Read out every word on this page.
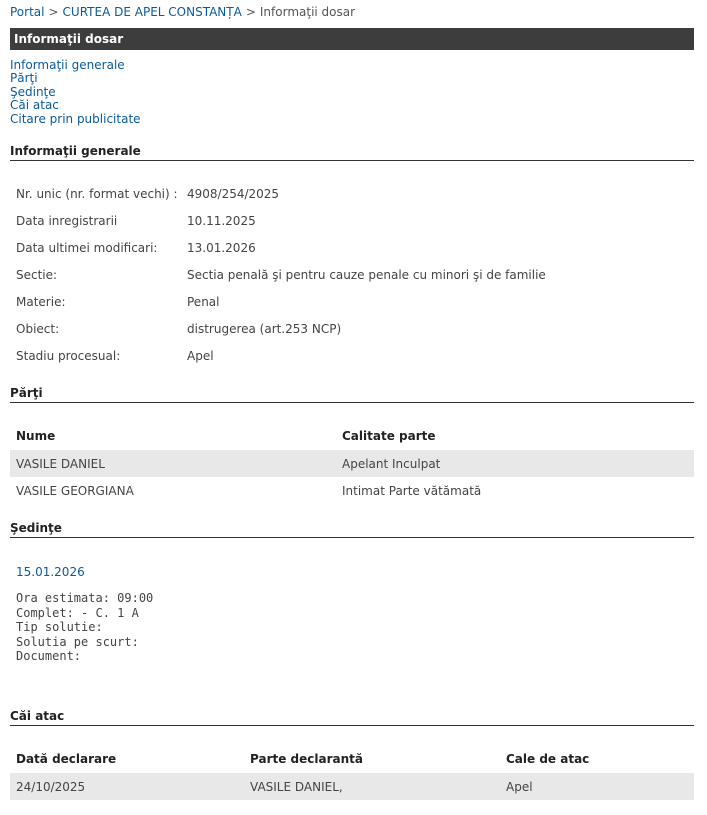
Portal > CURTEA DE APEL CONSTANȚA > Informaţii dosar
Informaţii dosar
Informaţii generale
Părţi
Şedinţe
Căi atac
Citare prin publicitate
Informaţii generale
Nr. unic (nr. format vechi) : 4908/254/2025
Data inregistrarii	10.11.2025
Data ultimei modificari: 13.01.2026
Sectie:	Sectia penală şi pentru cauze penale cu minori şi de familie
Materie:	Penal
Obiect:	distrugerea (art.253 NCP)
Stadiu procesual:	Apel
Părţi
Nume	Calitate parte
VASILE DANIEL	Apelant Inculpat
VASILE GEORGIANA	Intimat Parte vătămată
Şedinţe
15.01.2026
Ora estimata: 09:00
Complet: - C. 1 A
Tip solutie:
Solutia pe scurt:
Document:
Căi atac
Dată declarare	Parte declarantă	Cale de atac
24/10/2025	VASILE DANIEL,	Apel
